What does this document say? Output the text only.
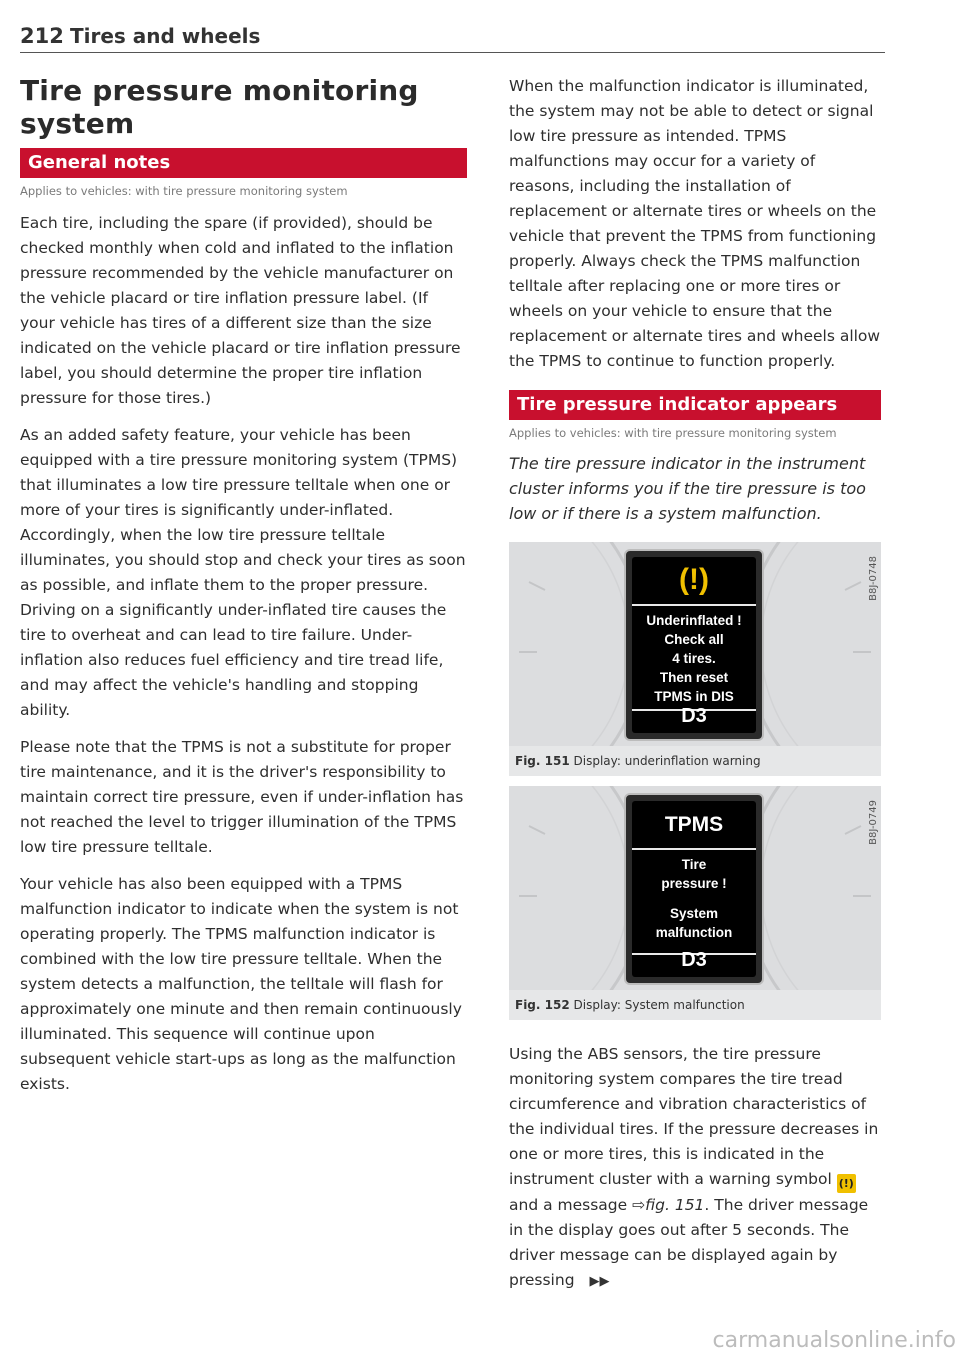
212 Tires and wheels
Tire pressure monitoring system
General notes
Applies to vehicles: with tire pressure monitoring system

Each tire, including the spare (if provided), should be checked monthly when cold and inflated to the inflation pressure recommended by the vehicle manufacturer on the vehicle placard or tire inflation pressure label. (If your vehicle has tires of a different size than the size indicated on the vehicle placard or tire inflation pressure label, you should determine the proper tire inflation pressure for those tires.)

As an added safety feature, your vehicle has been equipped with a tire pressure monitoring system (TPMS) that illuminates a low tire pressure telltale when one or more of your tires is significantly under-inflated. Accordingly, when the low tire pressure telltale illuminates, you should stop and check your tires as soon as possible, and inflate them to the proper pressure. Driving on a significantly under-inflated tire causes the tire to overheat and can lead to tire failure. Under-inflation also reduces fuel efficiency and tire tread life, and may affect the vehicle's handling and stopping ability.

Please note that the TPMS is not a substitute for proper tire maintenance, and it is the driver's responsibility to maintain correct tire pressure, even if under-inflation has not reached the level to trigger illumination of the TPMS low tire pressure telltale.

Your vehicle has also been equipped with a TPMS malfunction indicator to indicate when the system is not operating properly. The TPMS malfunction indicator is combined with the low tire pressure telltale. When the system detects a malfunction, the telltale will flash for approximately one minute and then remain continuously illuminated. This sequence will continue upon subsequent vehicle start-ups as long as the malfunction exists.

When the malfunction indicator is illuminated, the system may not be able to detect or signal low tire pressure as intended. TPMS malfunctions may occur for a variety of reasons, including the installation of replacement or alternate tires or wheels on the vehicle that prevent the TPMS from functioning properly. Always check the TPMS malfunction telltale after replacing one or more tires or wheels on your vehicle to ensure that the replacement or alternate tires and wheels allow the TPMS to continue to function properly.

Tire pressure indicator appears
Applies to vehicles: with tire pressure monitoring system

The tire pressure indicator in the instrument cluster informs you if the tire pressure is too low or if there is a system malfunction.

B8J-0748
(!)
Underinflated !
Check all
4 tires.
Then reset
TPMS in DIS
D3
Fig. 151 Display: underinflation warning
B8J-0749
TPMS
Tire
pressure !
System
malfunction
D3
Fig. 152 Display: System malfunction

Using the ABS sensors, the tire pressure monitoring system compares the tire tread circumference and vibration characteristics of the individual tires. If the pressure decreases in one or more tires, this is indicated in the instrument cluster with a warning symbol (!) and a message ⇨fig. 151. The driver message in the display goes out after 5 seconds. The driver message can be displayed again by pressing ▶▶

carmanualsonline.info
